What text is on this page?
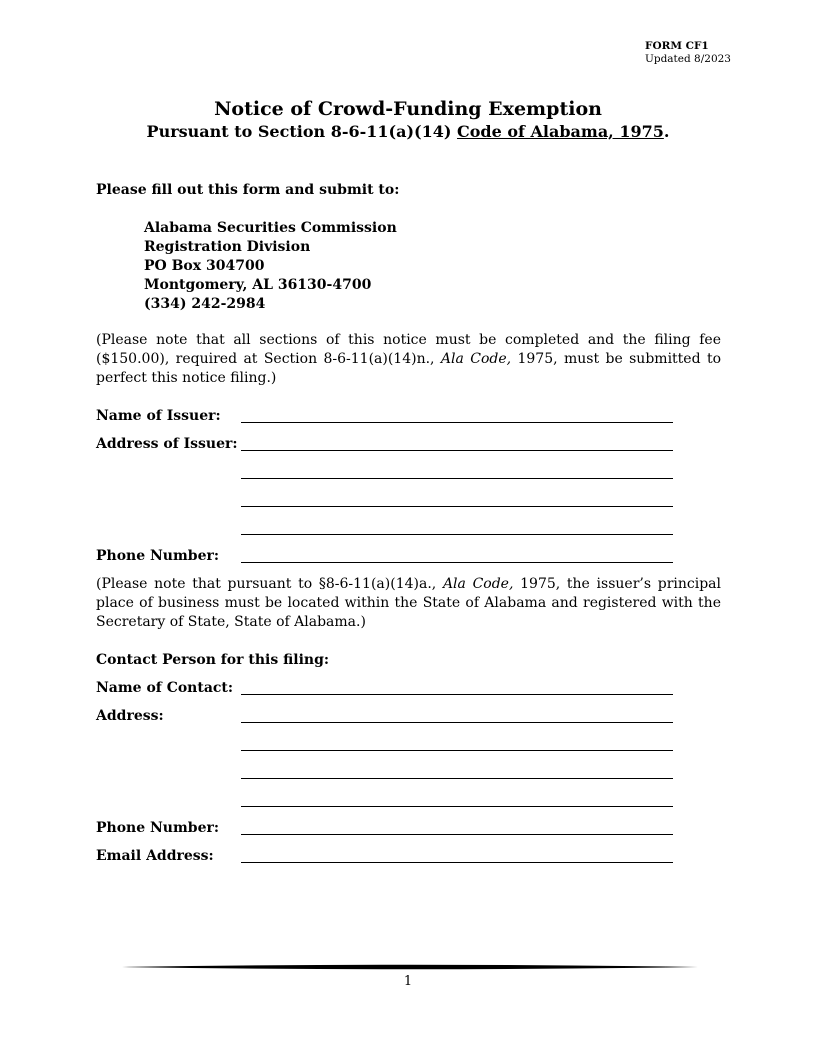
FORM CF1
Updated 8/2023
Notice of Crowd-Funding Exemption
Pursuant to Section 8-6-11(a)(14) Code of Alabama, 1975.
Please fill out this form and submit to:
Alabama Securities Commission
Registration Division
PO Box 304700
Montgomery, AL 36130-4700
(334) 242-2984
(Please note that all sections of this notice must be completed and the filing fee ($150.00), required at Section 8-6-11(a)(14)n., Ala Code, 1975, must be submitted to perfect this notice filing.)
Name of Issuer:
Address of Issuer:
Phone Number:
(Please note that pursuant to §8-6-11(a)(14)a., Ala Code, 1975, the issuer’s principal place of business must be located within the State of Alabama and registered with the Secretary of State, State of Alabama.)
Contact Person for this filing:
Name of Contact:
Address:
Phone Number:
Email Address:
1
